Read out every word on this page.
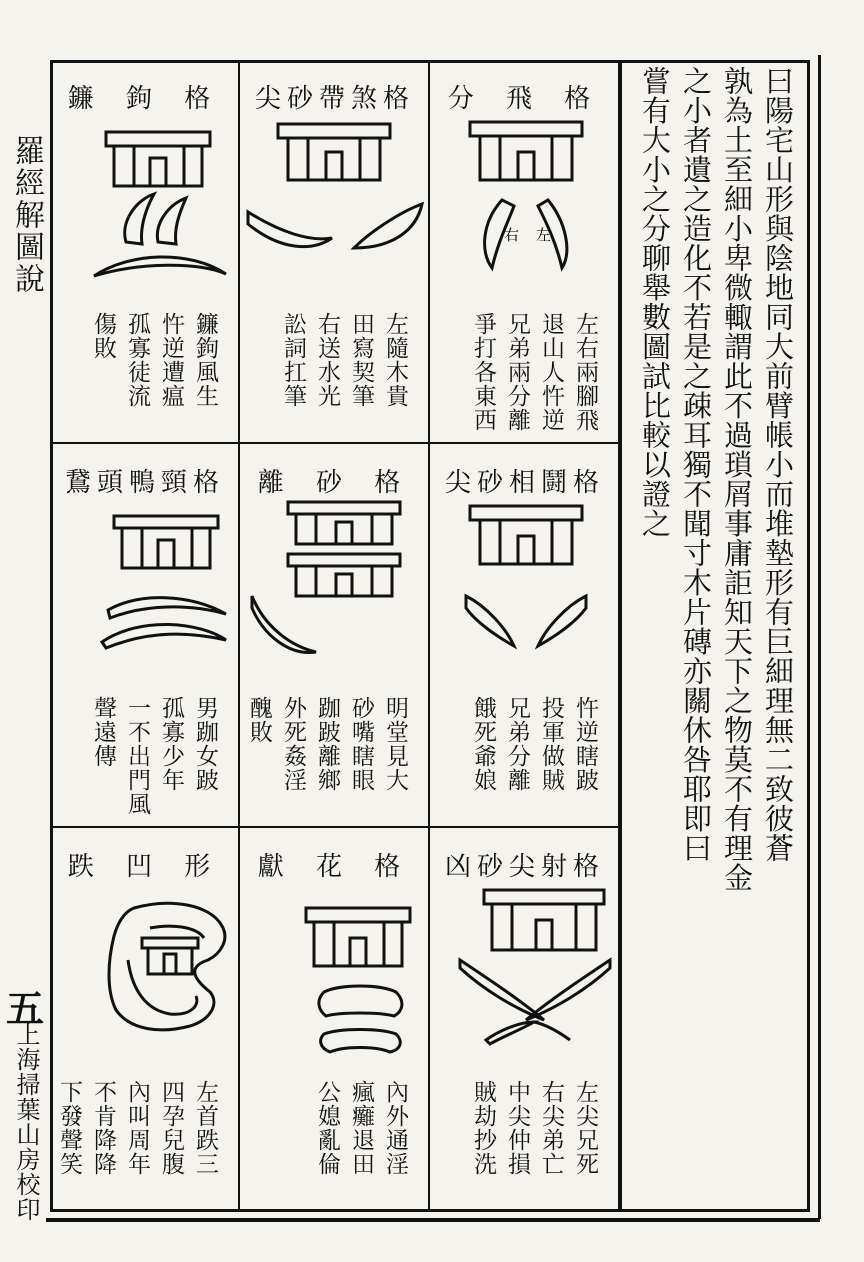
羅經解圖說
五
上海掃葉山房校印
曰陽宅山形與陰地同大前臂帳小而堆墊形有巨細理無二致彼蒼
孰為土至細小卑微輙謂此不過瑣屑事庸詎知天下之物莫不有理金
之小者遺之造化不若是之疎耳獨不聞寸木片磚亦關休咎耶即曰
嘗有大小之分聊舉數圖試比較以證之
分 飛 格
右 左
左右兩腳飛
退山人忤逆
兄弟兩分離
爭打各東西
尖砂帶煞格
左隨木貴
田寫契筆
右送水光
訟詞扛筆
鐮 鉤 格
鐮鉤風生
忤逆遭瘟
孤寡徒流
傷敗
尖砂相鬪格
忤逆瞎跛
投軍做賊
兄弟分離
餓死爺娘
離 砂 格
明堂見大
砂嘴瞎眼
跏跛離鄉
外死姦淫
醜敗
鵞頭鴨頸格
男跏女跛
孤寡少年
一不出門風
聲遠傳
凶砂尖射格
左尖兄死
右尖弟亡
中尖仲損
賊劫抄洗
獻 花 格
內外通淫
瘋癱退田
公媳亂倫
跌 凹 形
左首跌三
四孕兒腹
內叫周年
不肯降降
下發聲笑
